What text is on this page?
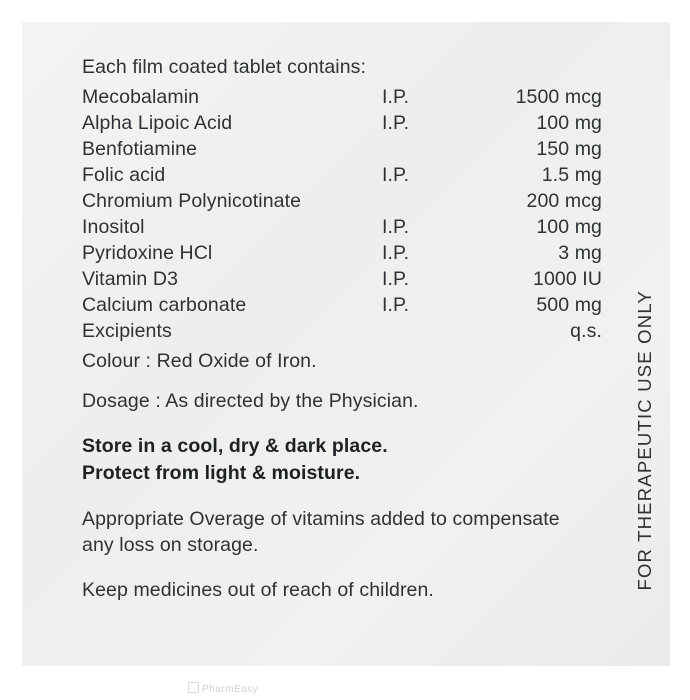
Each film coated tablet contains:
Mecobalamin	I.P.	1500 mcg
Alpha Lipoic Acid	I.P.	100 mg
Benfotiamine		150 mg
Folic acid	I.P.	1.5 mg
Chromium Polynicotinate		200 mcg
Inositol	I.P.	100 mg
Pyridoxine HCl	I.P.	3 mg
Vitamin D3	I.P.	1000 IU
Calcium carbonate	I.P.	500 mg
Excipients		q.s.
Colour : Red Oxide of Iron.
Dosage : As directed by the Physician.
Store in a cool, dry & dark place.
Protect from light & moisture.
Appropriate Overage of vitamins added to compensate any loss on storage.
Keep medicines out of reach of children.	FOR THERAPEUTIC USE ONLY
PharmEasy
